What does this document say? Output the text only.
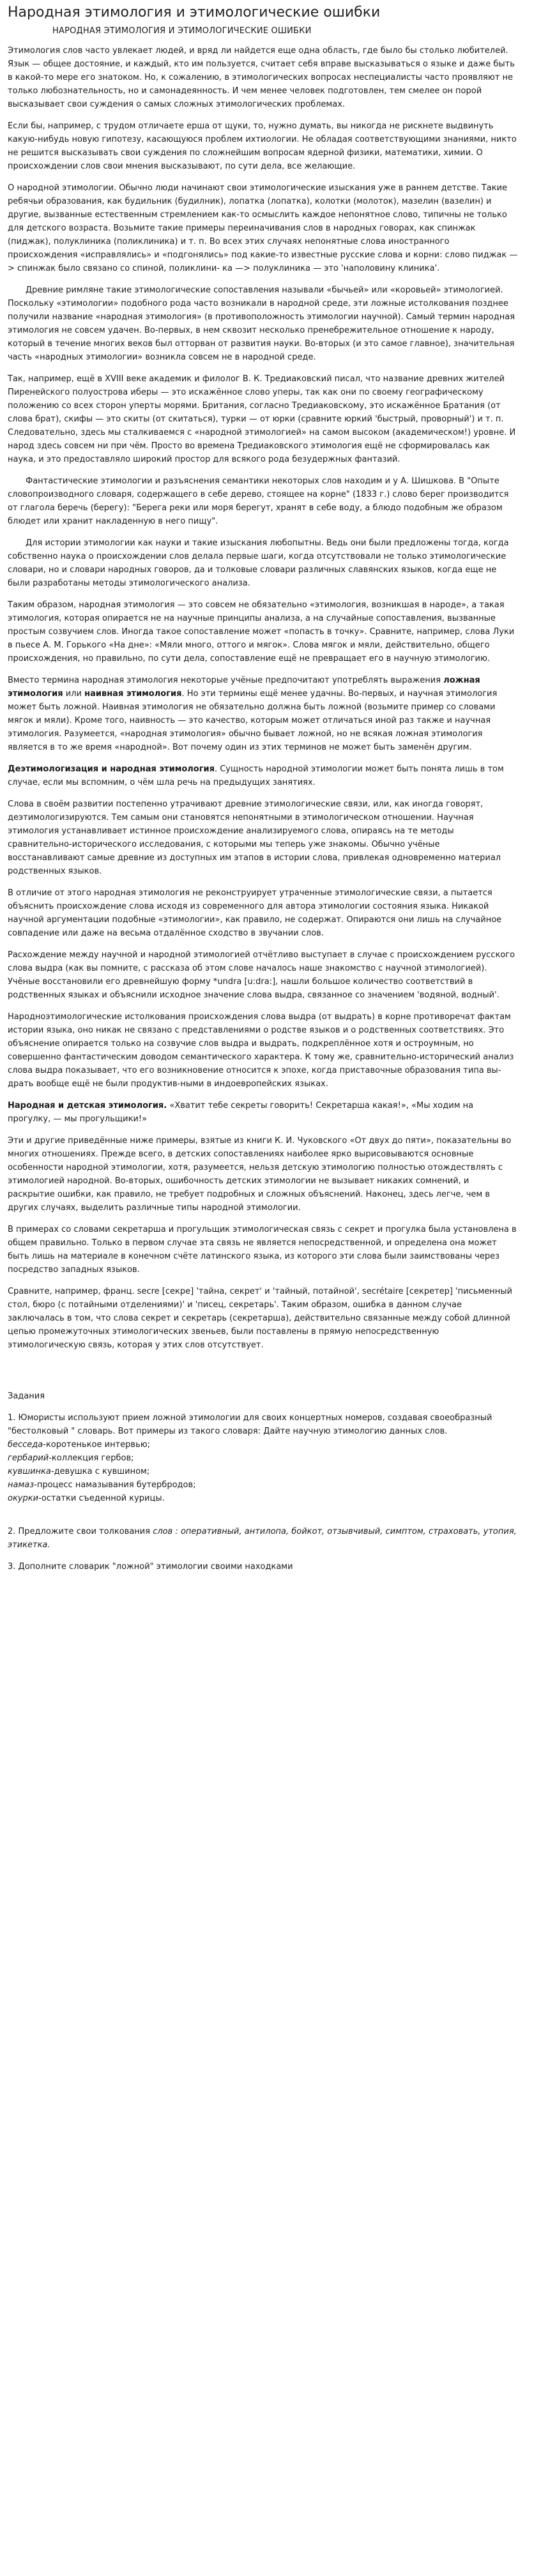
Народная этимология и этимологические ошибки
НАРОДНАЯ ЭТИМОЛОГИЯ И ЭТИМОЛОГИЧЕСКИЕ ОШИБКИ

Этимология слов часто увлекает людей, и вряд ли найдется еще одна область, где было бы столько любителей. Язык — общее достояние, и каждый, кто им пользуется, считает себя вправе высказываться о языке и даже быть в какой-то мере его знатоком. Но, к сожалению, в этимологических вопросах неспециалисты часто проявляют не только любознательность, но и самонадеянность. И чем менее человек подготовлен, тем смелее он порой высказывает свои суждения о самых сложных этимологических проблемах.

Если бы, например, с трудом отличаете ершa от щуки, то, нужно думать, вы никогда не рискнете выдвинуть какую-нибудь новую гипотезу, касающуюся проблем ихтиологии. Не обладая соответствующими знаниями, никто не решится высказывать свои суждения по сложнейшим вопросам ядерной физики, математики, химии. О происхождении слов свои мнения высказывают, по сути дела, все желающие.

О народной этимологии. Обычно люди начинают свои этимологические изыскания уже в раннем детстве. Такие ребячьи образования, как будильник (будилник), лопатка (лопатка), колотки (молоток), мазелин (вазелин) и другие, вызванные естественным стремлением как-то осмыслить каждое непонятное слово, типичны не только для детского возраста. Возьмите такие примеры переиначивания слов в народных говорах, как спинжак (пиджак), полуклиника (поликлиника) и т. п. Во всех этих случаях непонятные слова иностранного происхождения «исправлялись» и «подгонялись» под какие-то известные русские слова и корни: слово пиджак —> спинжак было связано со спиной, поликлини- ка —> полуклиника — это 'наполовину клиника'.

Древние римляне такие этимологические сопоставления называли «бычьей» или «коровьей» этимологией. Поскольку «этимологии» подобного рода часто возникали в народной среде, эти ложные истолкования позднее получили название «народная этимология» (в противоположность этимологии научной). Самый термин народная этимология не совсем удачен. Во-первых, в нем сквозит несколько пренебрежительное отношение к народу, который в течение многих веков был отторван от развития науки. Во-вторых (и это самое главное), значительная часть «народных этимологии» возникла совсем не в народной среде.

Так, например, ещё в XVIII веке академик и филолог В. К. Тредиаковский писал, что название древних жителей Пиренейского полуострова иберы — это искажённое слово уперы, так как они по своему географическому положению со всех сторон уперты морями. Британия, согласно Тредиаковскому, это искажённое Братания (от слова брат), скифы — это скиты (от скитаться), турки — от юрки (сравните юркий 'быстрый, проворный') и т. п. Следовательно, здесь мы сталкиваемся с «народной этимологией» на самом высоком (академическом!) уровне. И народ здесь совсем ни при чём. Просто во времена Тредиаковского этимология ещё не сформировалась как наука, и это предоставляло широкий простор для всякого рода безудержных фантазий.

Фантастические этимологии и разъяснения семантики некоторых слов находим и у А. Шишкова. В "Опыте словопроизводного словаря, содержащего в себе дерево, стоящее на корне" (1833 г.) слово берег производится от глагола беречь (берегу): "Берега реки или моря берегут, хранят в себе воду, а блюдо подобным же образом блюдет или хранит накладенную в него пищу".

Для истории этимологии как науки и такие изыскания любопытны. Ведь они были предложены тогда, когда собственно наука о происхождении слов делала первые шаги, когда отсутствовали не только этимологические словари, но и словари народных говоров, да и толковые словари различных славянских языков, когда еще не были разработаны методы этимологического анализа.

Таким образом, народная этимология — это совсем не обязательно «этимология, возникшая в народе», а такая этимология, которая опирается не на научные принципы анализа, а на случайные сопоставления, вызванные простым созвучием слов. Иногда такое сопоставление может «попасть в точку». Сравните, например, слова Луки в пьесе А. М. Горького «На дне»: «Мяли много, оттого и мягок». Слова мягок и мяли, действительно, общего происхождения, но правильно, по сути дела, сопоставление ещё не превращает его в научную этимологию.

Вместо термина народная этимология некоторые учёные предпочитают употреблять выражения ложная этимология или наивная этимология. Но эти термины ещё менее удачны. Во-первых, и научная этимология может быть ложной. Наивная этимология не обязательно должна быть ложной (возьмите пример со словами мягок и мяли). Кроме того, наивность — это качество, которым может отличаться иной раз также и научная этимология. Разумеется, «народная этимология» обычно бывает ложной, но не всякая ложная этимология является в то же время «народной». Вот почему один из этих терминов не может быть заменён другим.

Деэтимологизация и народная этимология. Сущность народной этимологии может быть понята лишь в том случае, если мы вспомним, о чём шла речь на предыдущих занятиях.

Слова в своём развитии постепенно утрачивают древние этимологические связи, или, как иногда говорят, деэтимологизируются. Тем самым они становятся непонятными в этимологическом отношении. Научная этимология устанавливает истинное происхождение анализируемого слова, опираясь на те методы сравнительно-исторического исследования, с которыми мы теперь уже знакомы. Обычно учёные восстанавливают самые древние из доступных им этапов в истории слова, привлекая одновременно материал родственных языков.

В отличие от этого народная этимология не реконструирует утраченные этимологические связи, а пытается объяснить происхождение слова исходя из современного для автора этимологии состояния языка. Никакой научной аргументации подобные «этимологии», как правило, не содержат. Опираются они лишь на случайное совпадение или даже на весьма отдалённое сходство в звучании слов.

Расхождение между научной и народной этимологией отчётливо выступает в случае с происхождением русского слова выдра (как вы помните, с рассказа об этом слове началось наше знакомство с научной этимологией). Учёные восстановили его древнейшую форму *undra [u:dra:], нашли большое количество соответствий в родственных языках и объяснили исходное значение слова выдра, связанное со значением 'водяной, водный'.

Народноэтимологические истолкования происхождения слова выдра (от выдрать) в корне противоречат фактам истории языка, оно никак не связано с представлениями о родстве языков и о родственных соответствиях. Это объяснение опирается только на созвучие слов выдра и выдрать, подкреплённое хотя и остроумным, но совершенно фантастическим доводом семантического характера. К тому же, сравнительно-исторический анализ слова выдра показывает, что его возникновение относится к эпохе, когда приставочные образования типа вы-драть вообще ещё не были продуктив-ными в индоевропейских языках.

Народная и детская этимология. «Хватит тебе секреты говорить! Секретарша какая!», «Мы ходим на прогулку, — мы прогульщики!»

Эти и другие приведённые ниже примеры, взятые из книги К. И. Чуковского «От двух до пяти», показательны во многих отношениях. Прежде всего, в детских сопоставлениях наиболее ярко вырисовываются основные особенности народной этимологии, хотя, разумеется, нельзя детскую этимологию полностью отождествлять с этимологией народной. Во-вторых, ошибочность детских этимологии не вызывает никаких сомнений, и раскрытие ошибки, как правило, не требует подробных и сложных объяснений. Наконец, здесь легче, чем в других случаях, выделить различные типы народной этимологии.

В примерах со словами секретарша и прогульщик этимологическая связь с секрет и прогулка была установлена в общем правильно. Только в первом случае эта связь не является непосредственной, и определена она может быть лишь на материале в конечном счёте латинского языка, из которого эти слова были заимствованы через посредство западных языков.

Сравните, например, франц. secre [секре] 'тайна, секрет' и 'тайный, потайной', secrétaire [секретер] 'письменный стол, бюро (с потайными отделениями)' и 'писец, секретарь'. Таким образом, ошибка в данном случае заключалась в том, что слова секрет и секретарь (секретарша), действительно связанные между собой длинной цепью промежуточных этимологических звеньев, были поставлены в прямую непосредственную этимологическую связь, которая у этих слов отсутствует.

Задания
1. Юмористы используют прием ложной этимологии для своих концертных номеров, создавая своеобразный "бестолковый " словарь. Вот примеры из такого словаря: Дайте научную этимологию данных слов.
бесседа-коротенькое интервью;
гербарий-коллекция гербов;
кувшинка-девушка с кувшином;
намаз-процесс намазывания бутербродов;
окурки-остатки съеденной курицы.
2. Предложите свои толкования слов : оперативный, антилопа, бойкот, отзывчивый, симптом, страховать, утопия, этикетка.
3. Дополните словарик "ложной" этимологии своими находками
